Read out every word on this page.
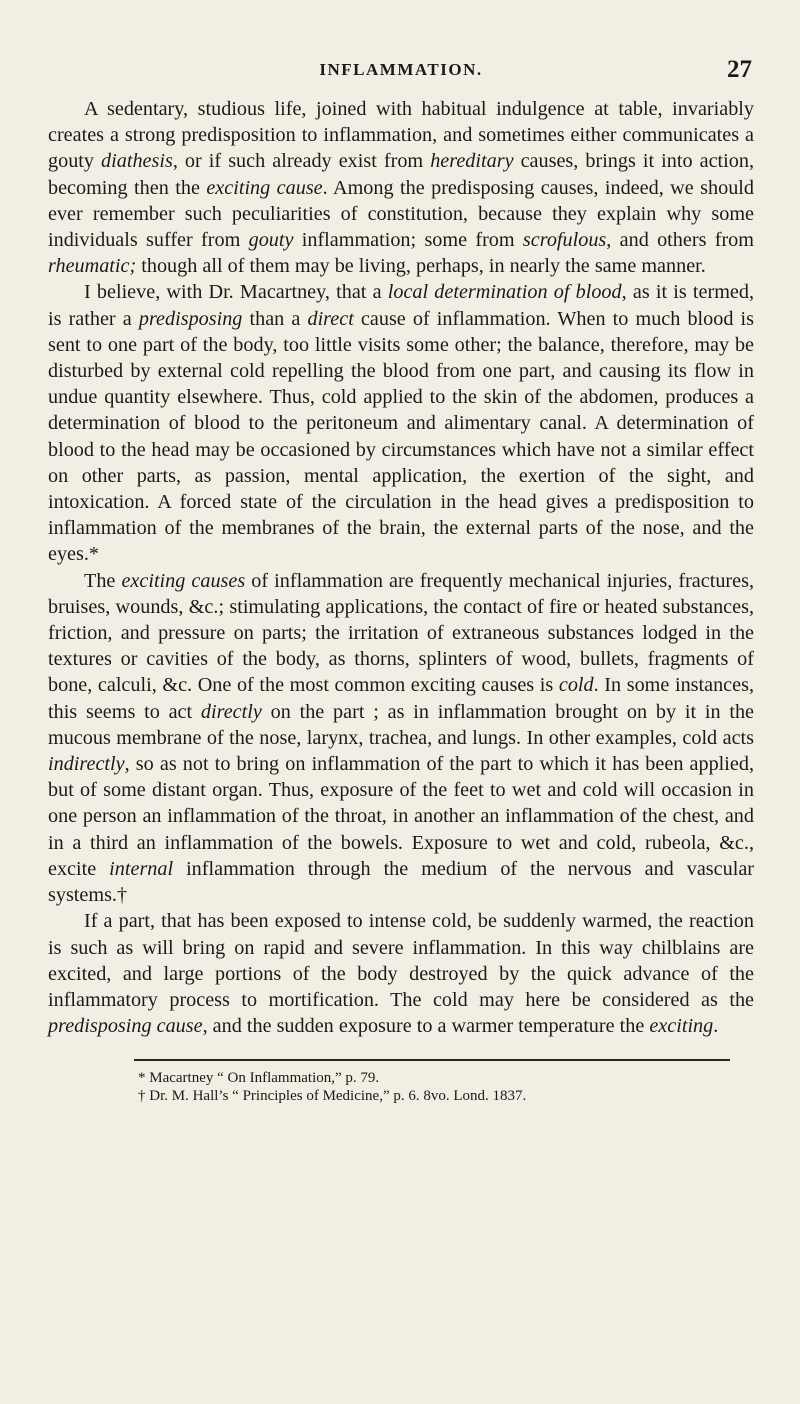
INFLAMMATION.	27

A sedentary, studious life, joined with habitual indulgence at table, invariably creates a strong predisposition to inflammation, and sometimes either communicates a gouty diathesis, or if such already exist from hereditary causes, brings it into action, becoming then the exciting cause. Among the predisposing causes, indeed, we should ever remember such peculiarities of constitution, because they explain why some individuals suffer from gouty inflammation; some from scrofulous, and others from rheumatic; though all of them may be living, perhaps, in nearly the same manner.

I believe, with Dr. Macartney, that a local determination of blood, as it is termed, is rather a predisposing than a direct cause of inflammation. When to much blood is sent to one part of the body, too little visits some other; the balance, therefore, may be disturbed by external cold repelling the blood from one part, and causing its flow in undue quantity elsewhere. Thus, cold applied to the skin of the abdomen, produces a determination of blood to the peritoneum and alimentary canal. A determination of blood to the head may be occasioned by circumstances which have not a similar effect on other parts, as passion, mental application, the exertion of the sight, and intoxication. A forced state of the circulation in the head gives a predisposition to inflammation of the membranes of the brain, the external parts of the nose, and the eyes.*

The exciting causes of inflammation are frequently mechanical injuries, fractures, bruises, wounds, &c.; stimulating applications, the contact of fire or heated substances, friction, and pressure on parts; the irritation of extraneous substances lodged in the textures or cavities of the body, as thorns, splinters of wood, bullets, fragments of bone, calculi, &c. One of the most common exciting causes is cold. In some instances, this seems to act directly on the part ; as in inflammation brought on by it in the mucous membrane of the nose, larynx, trachea, and lungs. In other examples, cold acts indirectly, so as not to bring on inflammation of the part to which it has been applied, but of some distant organ. Thus, exposure of the feet to wet and cold will occasion in one person an inflammation of the throat, in another an inflammation of the chest, and in a third an inflammation of the bowels. Exposure to wet and cold, rubeola, &c., excite internal inflammation through the medium of the nervous and vascular systems.†

If a part, that has been exposed to intense cold, be suddenly warmed, the reaction is such as will bring on rapid and severe inflammation. In this way chilblains are excited, and large portions of the body destroyed by the quick advance of the inflammatory process to mortification. The cold may here be considered as the predisposing cause, and the sudden exposure to a warmer temperature the exciting.

* Macartney “ On Inflammation,” p. 79.
† Dr. M. Hall’s “ Principles of Medicine,” p. 6. 8vo. Lond. 1837.
